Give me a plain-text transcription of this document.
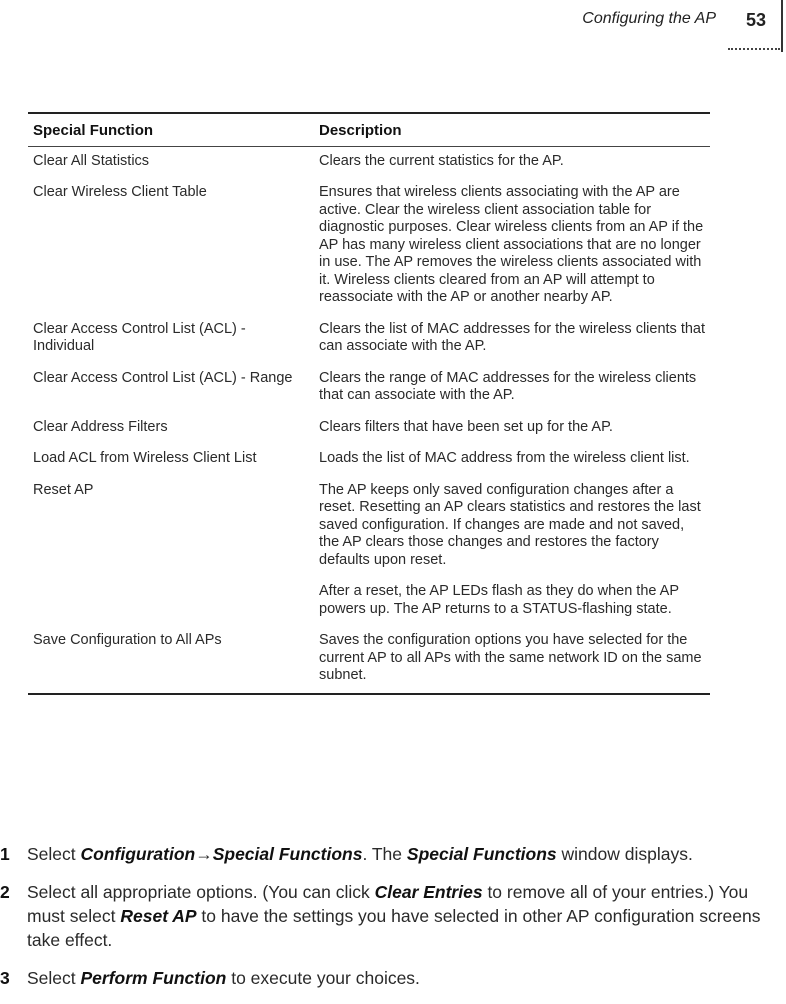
Configuring the AP 53
Special Function	Description
Clear All Statistics	Clears the current statistics for the AP.

Clear Wireless Client Table	Ensures that wireless clients associating with the AP are active. Clear the wireless client association table for diagnostic purposes. Clear wireless clients from an AP if the AP has many wireless client associations that are no longer in use. The AP removes the wireless clients associated with it. Wireless clients cleared from an AP will attempt to reassociate with the AP or another nearby AP.

Clear Access Control List (ACL) - Individual	Clears the list of MAC addresses for the wireless clients that can associate with the AP.

Clear Access Control List (ACL) - Range	Clears the range of MAC addresses for the wireless clients that can associate with the AP.

Clear Address Filters	Clears filters that have been set up for the AP.

Load ACL from Wireless Client List	Loads the list of MAC address from the wireless client list.

Reset AP	The AP keeps only saved configuration changes after a reset. Resetting an AP clears statistics and restores the last saved configuration. If changes are made and not saved, the AP clears those changes and restores the factory defaults upon reset.

After a reset, the AP LEDs flash as they do when the AP powers up. The AP returns to a STATUS-flashing state.

Save Configuration to All APs	Saves the configuration options you have selected for the current AP to all APs with the same network ID on the same subnet.

1 Select Configuration→Special Functions. The Special Functions window displays.
2 Select all appropriate options. (You can click Clear Entries to remove all of your entries.) You must select Reset AP to have the settings you have selected in other AP conﬁguration screens take effect.
3 Select Perform Function to execute your choices.
